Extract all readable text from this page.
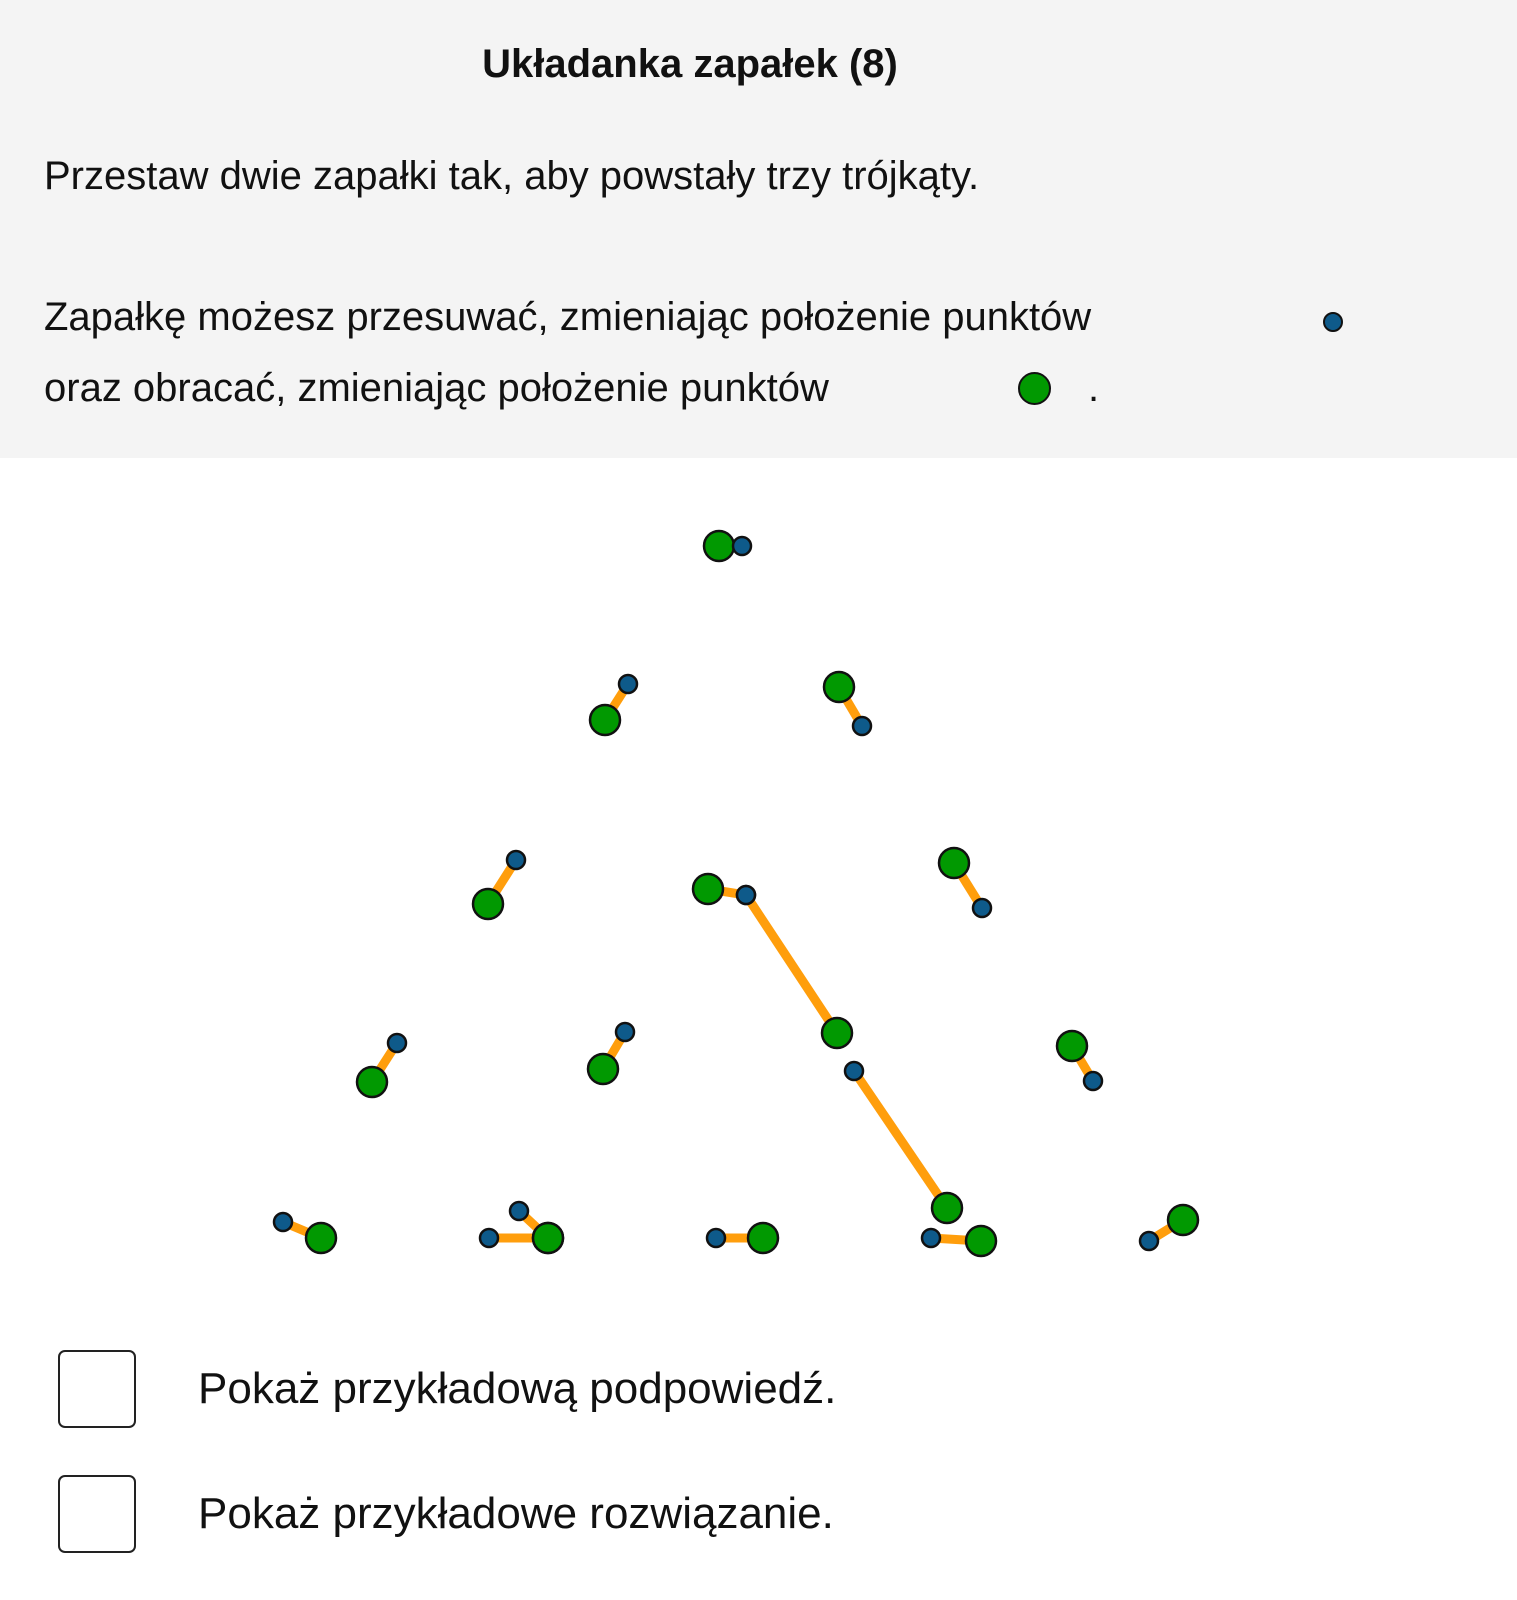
Układanka zapałek (8)
Przestaw dwie zapałki tak, aby powstały trzy trójkąty.
Zapałkę możesz przesuwać, zmieniając położenie punktów
oraz obracać, zmieniając położenie punktów	.
Pokaż przykładową podpowiedź.
Pokaż przykładowe rozwiązanie.
